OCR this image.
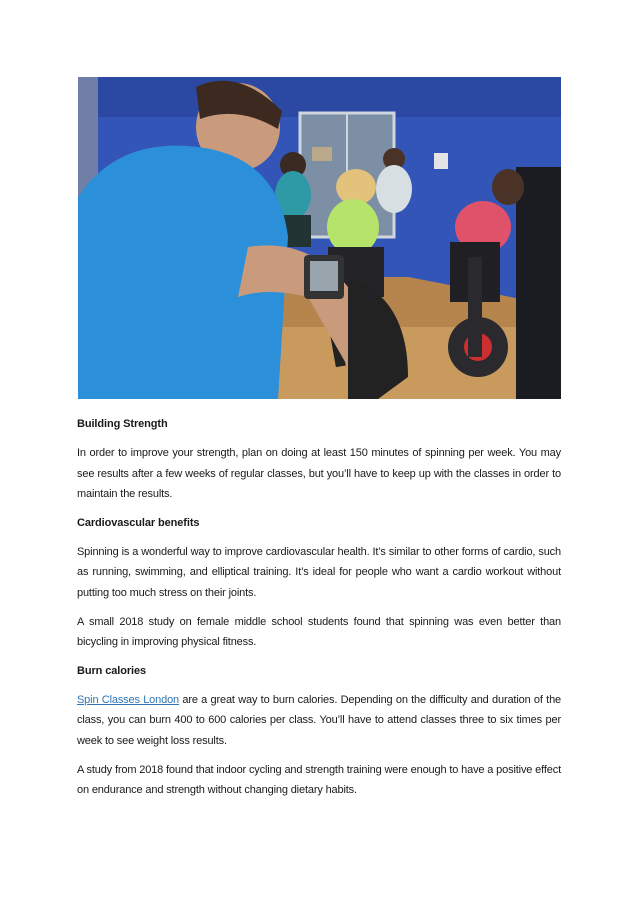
Building Strength

In order to improve your strength, plan on doing at least 150 minutes of spinning per week. You may see results after a few weeks of regular classes, but you’ll have to keep up with the classes in order to maintain the results.

Cardiovascular benefits

Spinning is a wonderful way to improve cardiovascular health. It’s similar to other forms of cardio, such as running, swimming, and elliptical training. It’s ideal for people who want a cardio workout without putting too much stress on their joints.

A small 2018 study on female middle school students found that spinning was even better than bicycling in improving physical fitness.

Burn calories

Spin Classes London are a great way to burn calories. Depending on the difficulty and duration of the class, you can burn 400 to 600 calories per class. You’ll have to attend classes three to six times per week to see weight loss results.

A study from 2018 found that indoor cycling and strength training were enough to have a positive effect on endurance and strength without changing dietary habits.
